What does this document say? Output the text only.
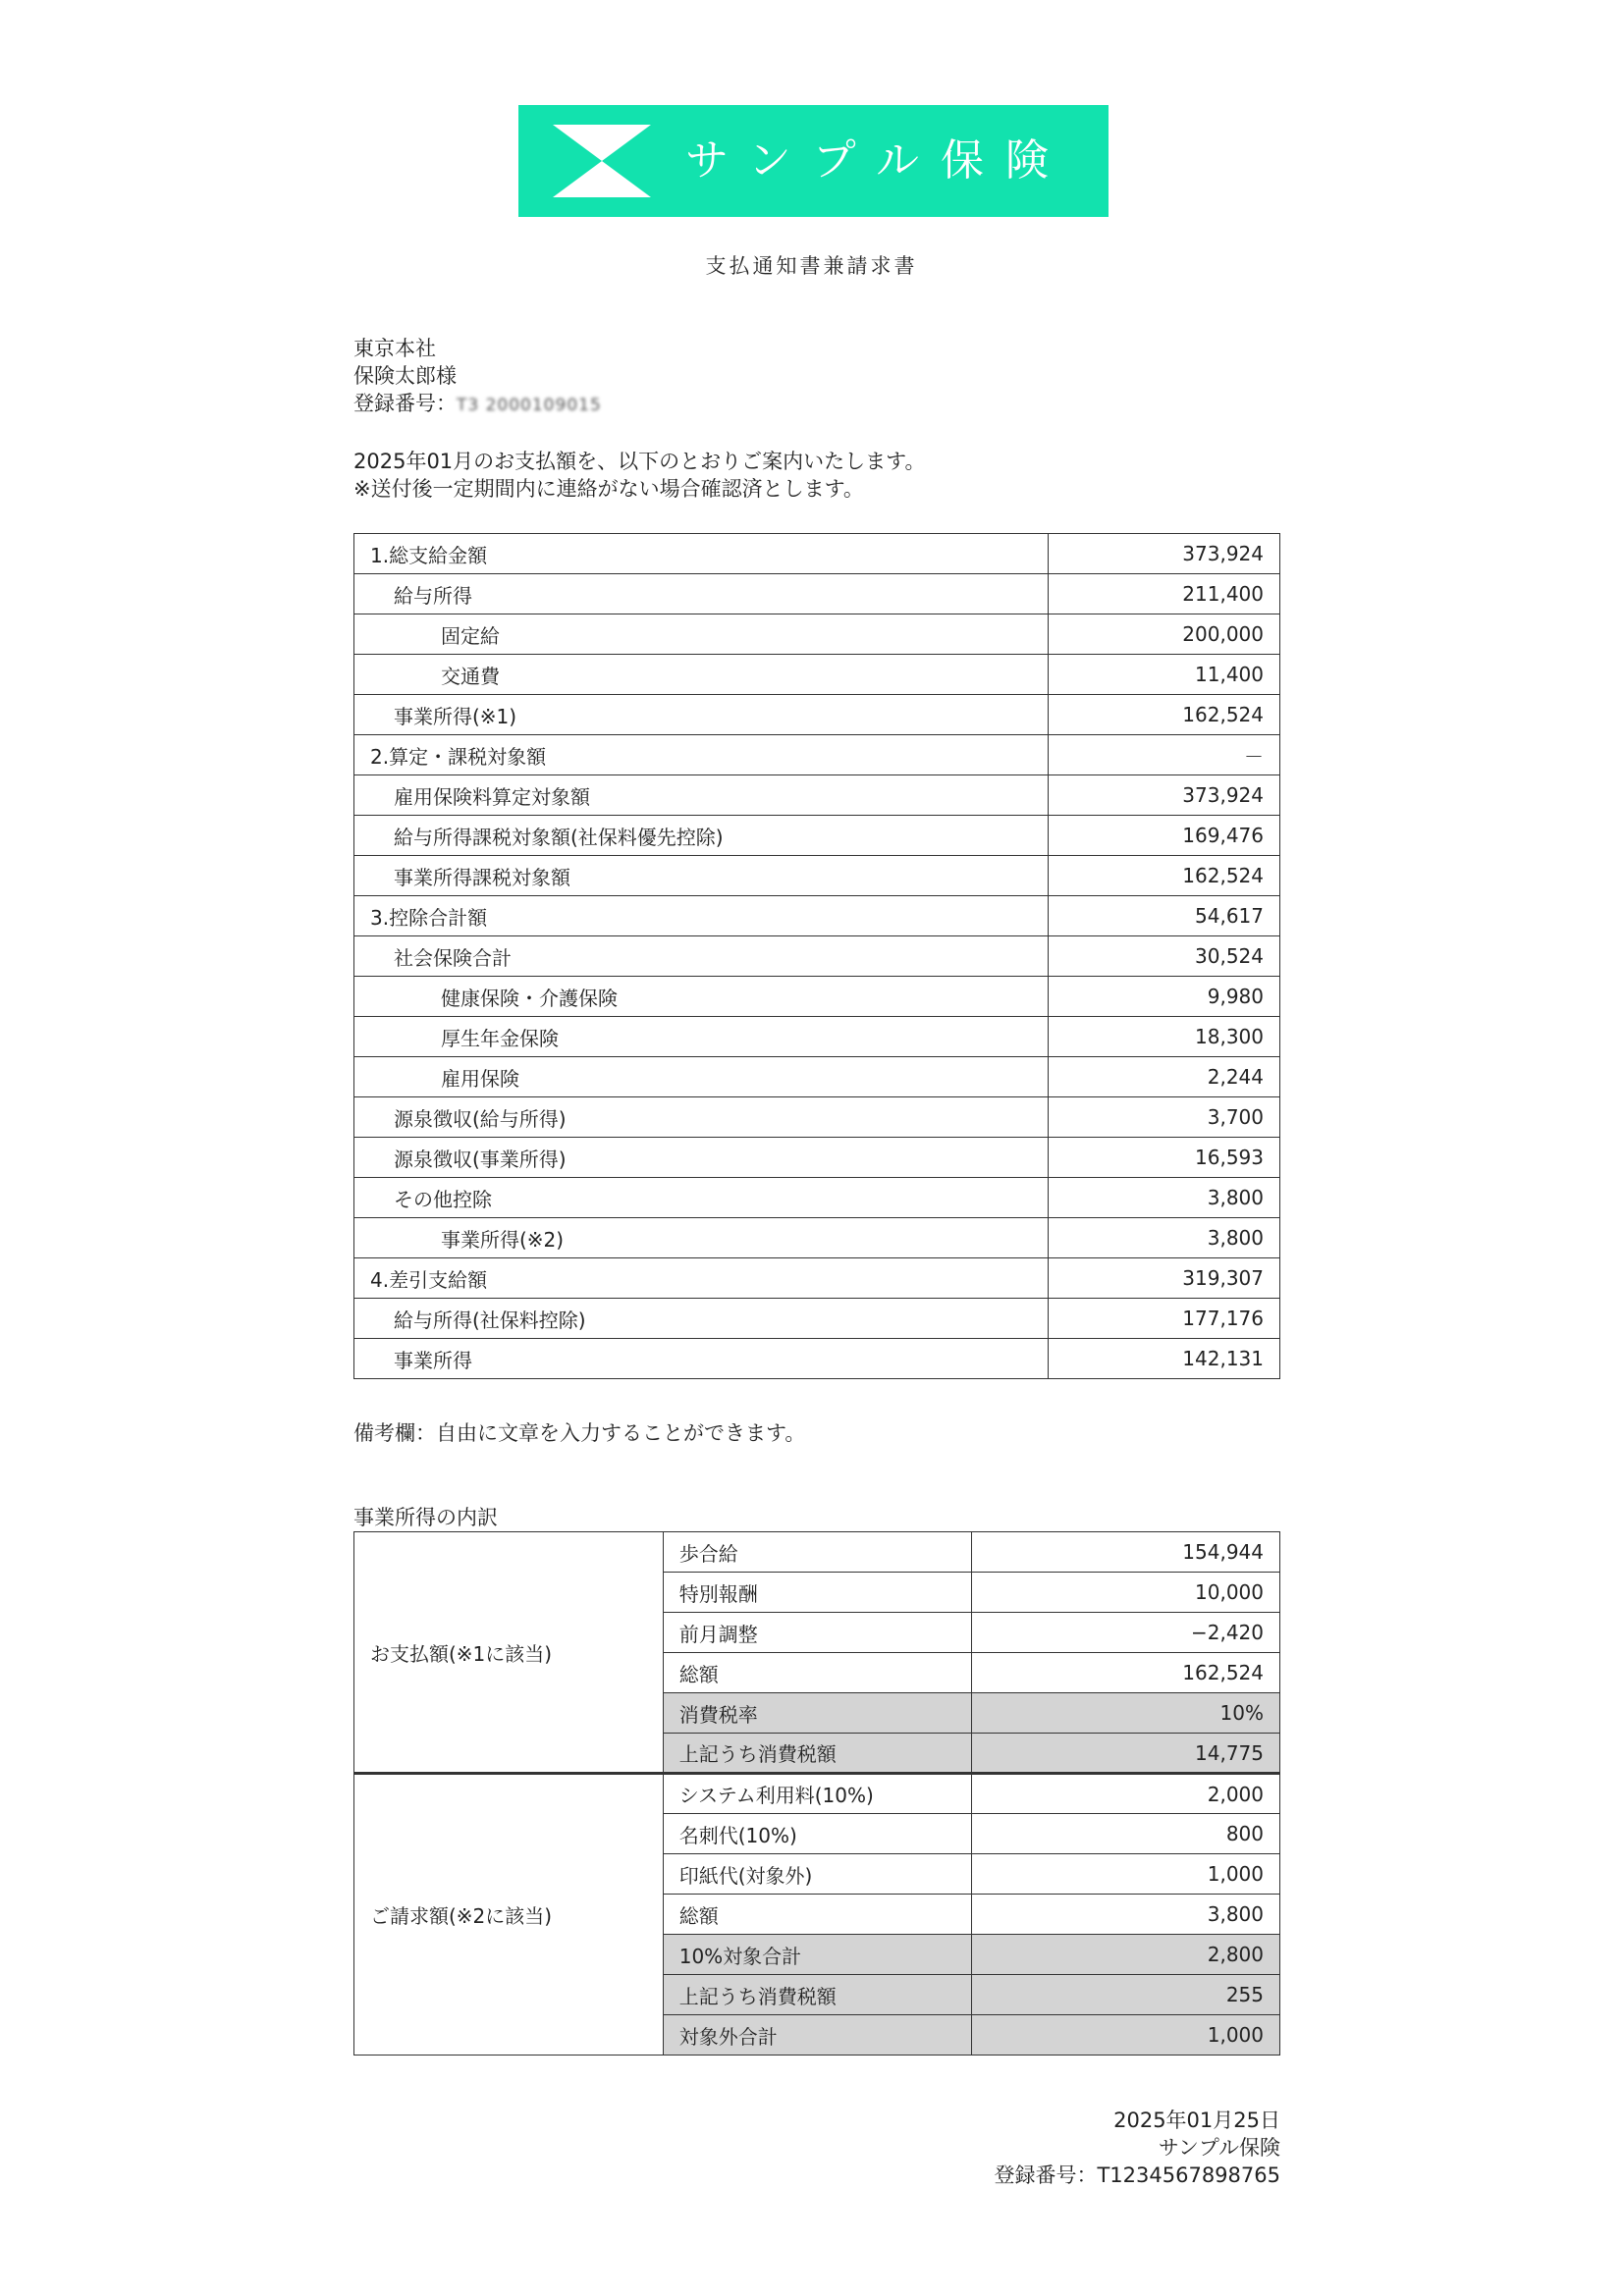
サンプル保険
支払通知書兼請求書
東京本社
保険太郎様
登録番号：T3 2000109015
2025年01月のお支払額を、以下のとおりご案内いたします。
※送付後一定期間内に連絡がない場合確認済とします。
1.総支給金額	373,924
給与所得	211,400
固定給	200,000
交通費	11,400
事業所得(※1)	162,524
2.算定・課税対象額	－
雇用保険料算定対象額	373,924
給与所得課税対象額(社保料優先控除)	169,476
事業所得課税対象額	162,524
3.控除合計額	54,617
社会保険合計	30,524
健康保険・介護保険	9,980
厚生年金保険	18,300
雇用保険	2,244
源泉徴収(給与所得)	3,700
源泉徴収(事業所得)	16,593
その他控除	3,800
事業所得(※2)	3,800
4.差引支給額	319,307
給与所得(社保料控除)	177,176
事業所得	142,131
備考欄：自由に文章を入力することができます。
事業所得の内訳
お支払額(※1に該当)	歩合給	154,944
	特別報酬	10,000
	前月調整	−2,420
	総額	162,524
	消費税率	10%
	上記うち消費税額	14,775
ご請求額(※2に該当)	システム利用料(10%)	2,000
	名刺代(10%)	800
	印紙代(対象外)	1,000
	総額	3,800
	10%対象合計	2,800
	上記うち消費税額	255
	対象外合計	1,000
2025年01月25日
サンプル保険
登録番号：T1234567898765
